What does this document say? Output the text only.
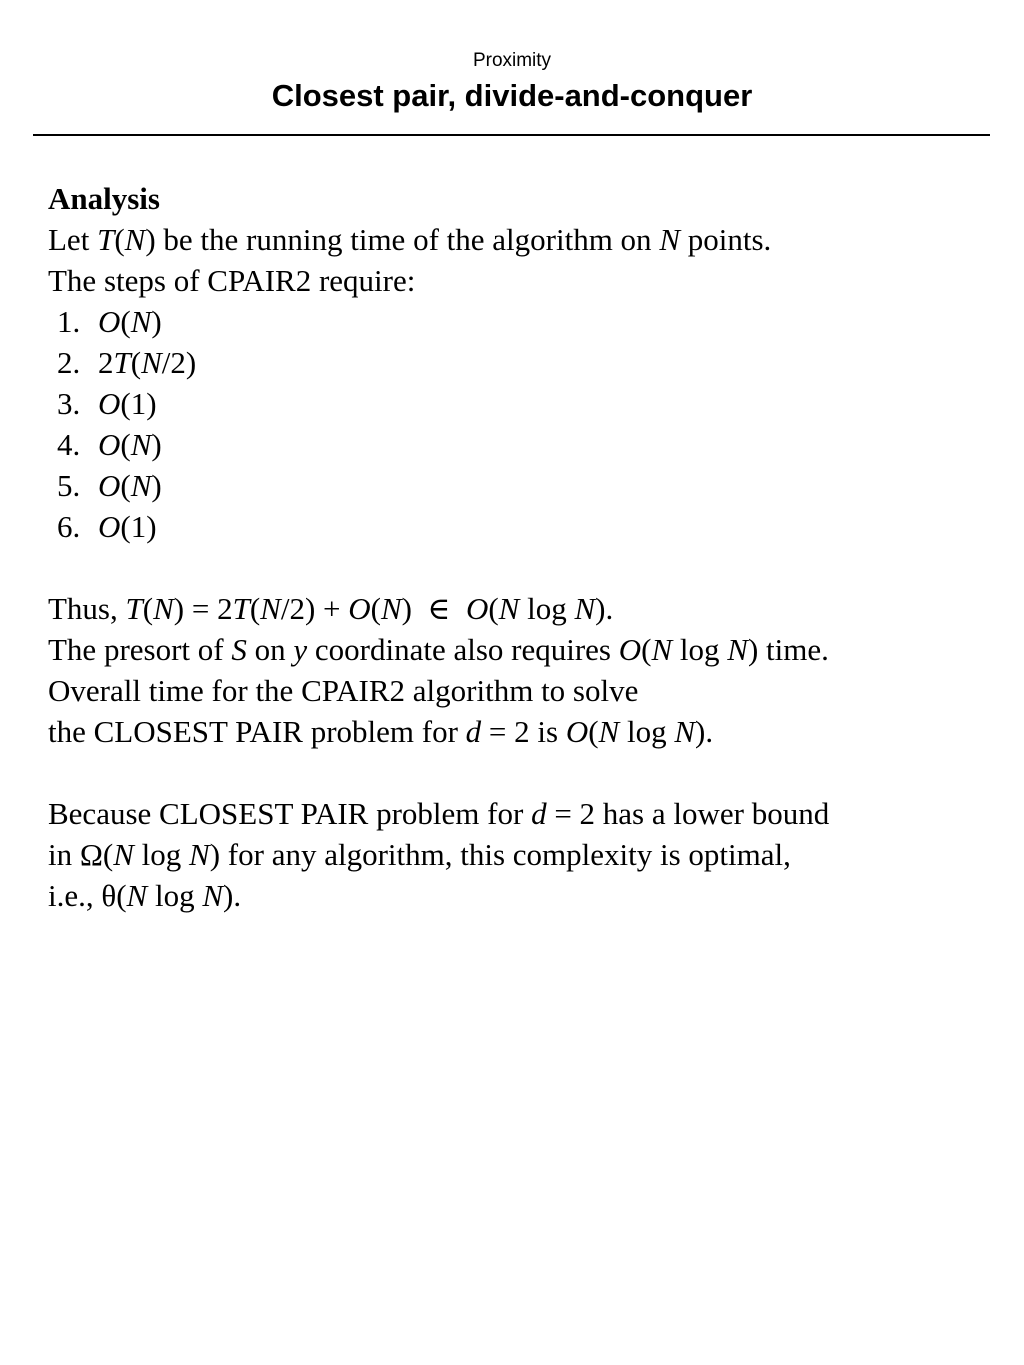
Proximity
Closest pair, divide-and-conquer
Analysis
Let T(N) be the running time of the algorithm on N points.
The steps of CPAIR2 require:
1. O(N)
2. 2T(N/2)
3. O(1)
4. O(N)
5. O(N)
6. O(1)
Thus, T(N) = 2T(N/2) + O(N)  ∈  O(N log N).
The presort of S on y coordinate also requires O(N log N) time.
Overall time for the CPAIR2 algorithm to solve
the CLOSEST PAIR problem for d = 2 is O(N log N).
Because CLOSEST PAIR problem for d = 2 has a lower bound
in Ω(N log N) for any algorithm, this complexity is optimal,
i.e., θ(N log N).
